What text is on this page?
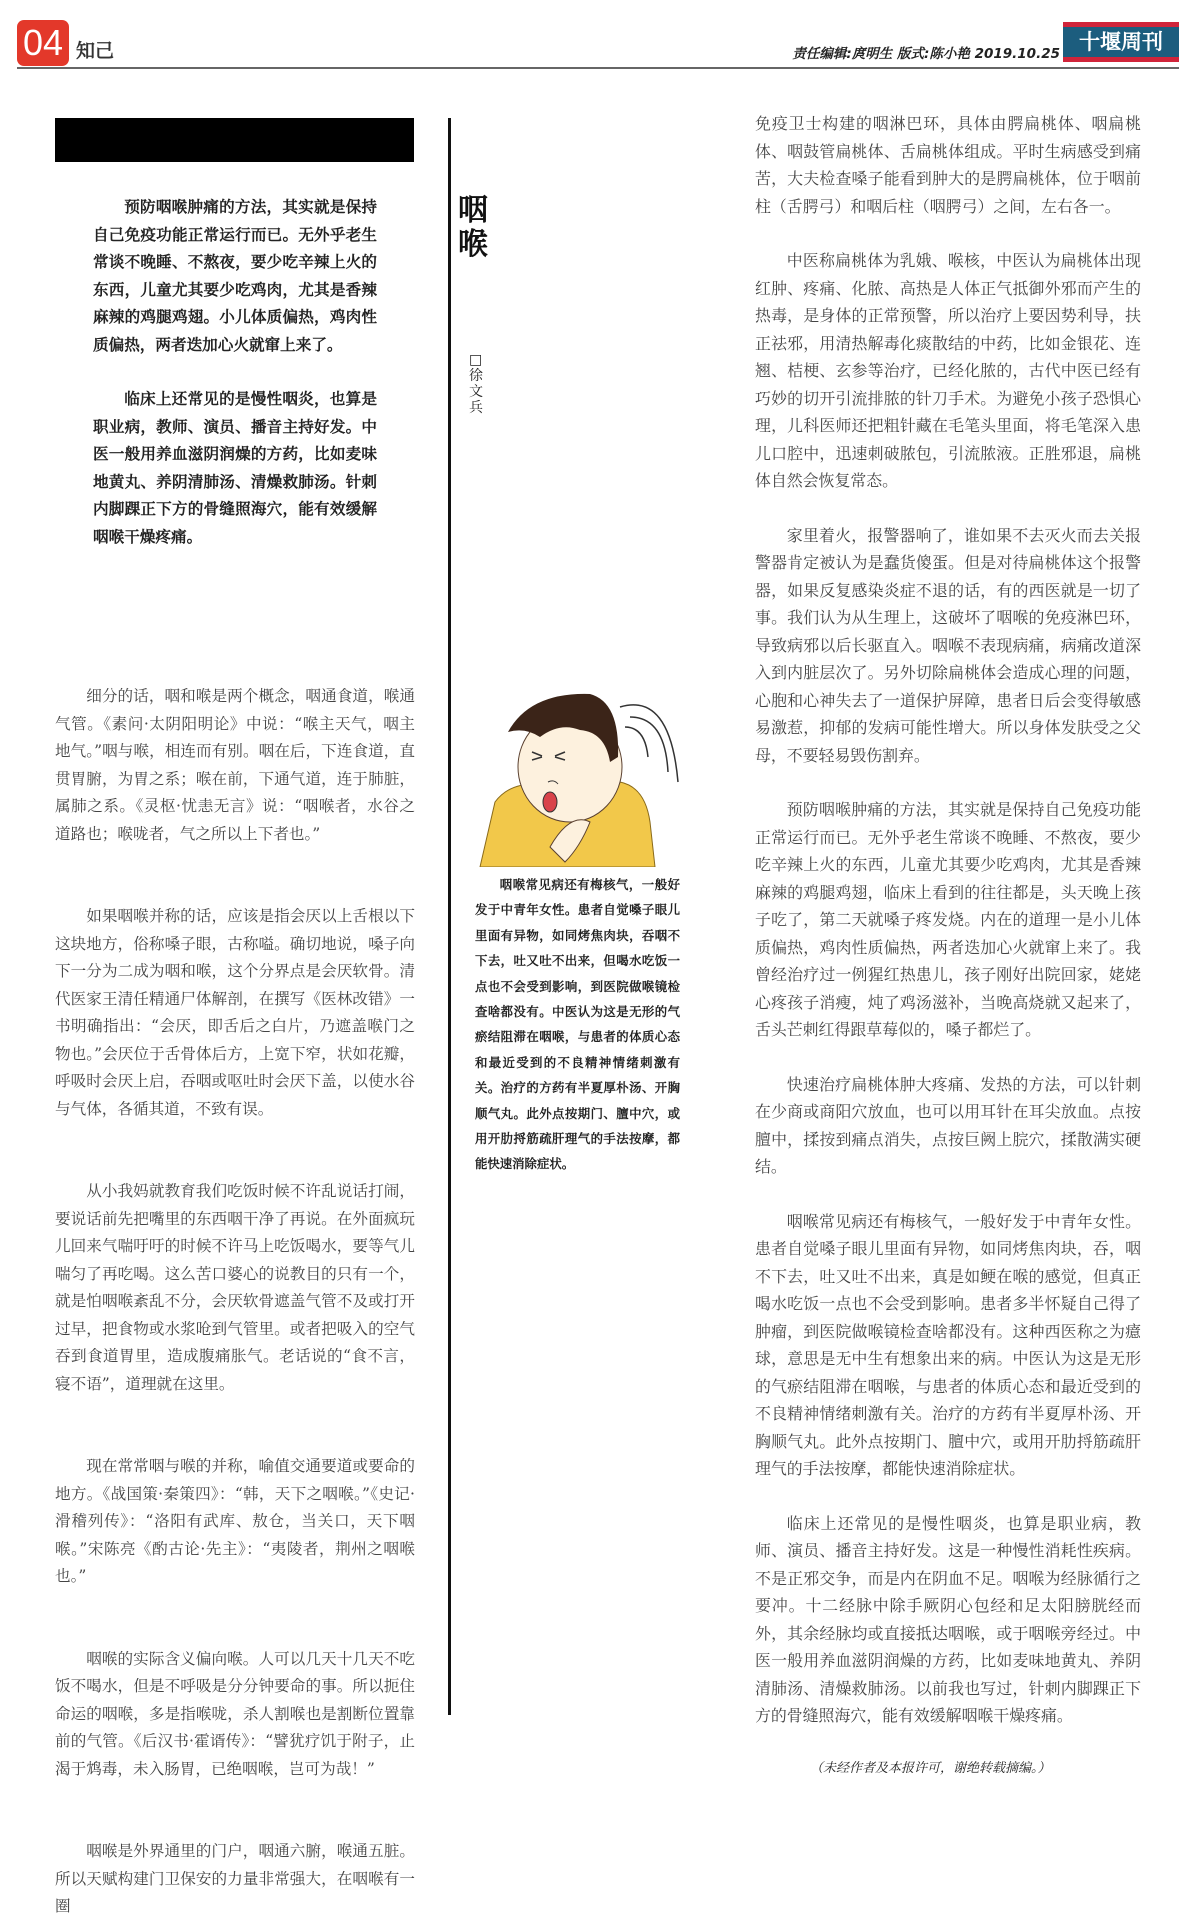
04 知己	责任编辑:庹明生 版式:陈小艳 2019.10.25 十堰周刊

预防咽喉肿痛的方法，其实就是保持自己免疫功能正常运行而已。无外乎老生常谈不晚睡、不熬夜，要少吃辛辣上火的东西，儿童尤其要少吃鸡肉，尤其是香辣麻辣的鸡腿鸡翅。小儿体质偏热，鸡肉性质偏热，两者迭加心火就窜上来了。

临床上还常见的是慢性咽炎，也算是职业病，教师、演员、播音主持好发。中医一般用养血滋阴润燥的方药，比如麦味地黄丸、养阴清肺汤、清燥救肺汤。针刺内脚踝正下方的骨缝照海穴，能有效缓解咽喉干燥疼痛。

细分的话，咽和喉是两个概念，咽通食道，喉通气管。《素问·太阴阳明论》中说：“喉主天气，咽主地气。”咽与喉，相连而有别。咽在后，下连食道，直贯胃腑，为胃之系；喉在前，下通气道，连于肺脏，属肺之系。《灵枢·忧恚无言》说：“咽喉者，水谷之道路也；喉咙者，气之所以上下者也。”

如果咽喉并称的话，应该是指会厌以上舌根以下这块地方，俗称嗓子眼，古称嗌。确切地说，嗓子向下一分为二成为咽和喉，这个分界点是会厌软骨。清代医家王清任精通尸体解剖，在撰写《医林改错》一书明确指出：“会厌，即舌后之白片，乃遮盖喉门之物也。”会厌位于舌骨体后方，上宽下窄，状如花瓣，呼吸时会厌上启，吞咽或呕吐时会厌下盖，以使水谷与气体，各循其道，不致有误。

从小我妈就教育我们吃饭时候不许乱说话打闹，要说话前先把嘴里的东西咽干净了再说。在外面疯玩儿回来气喘吁吁的时候不许马上吃饭喝水，要等气儿喘匀了再吃喝。这么苦口婆心的说教目的只有一个，就是怕咽喉紊乱不分，会厌软骨遮盖气管不及或打开过早，把食物或水浆呛到气管里。或者把吸入的空气吞到食道胃里，造成腹痛胀气。老话说的“食不言，寝不语”，道理就在这里。

现在常常咽与喉的并称，喻值交通要道或要命的地方。《战国策·秦策四》：“韩，天下之咽喉。”《史记·滑稽列传》：“洛阳有武库、敖仓，当关口，天下咽喉。”宋陈亮《酌古论·先主》：“夷陵者，荆州之咽喉也。”

咽喉的实际含义偏向喉。人可以几天十几天不吃饭不喝水，但是不呼吸是分分钟要命的事。所以扼住命运的咽喉，多是指喉咙，杀人割喉也是割断位置靠前的气管。《后汉书·霍谞传》：“譬犹疗饥于附子，止渴于鸩毒，未入肠胃，已绝咽喉，岂可为哉！”

咽喉是外界通里的门户，咽通六腑，喉通五脏。所以天赋构建门卫保安的力量非常强大，在咽喉有一圈

咽喉
□徐文兵

咽喉常见病还有梅核气，一般好发于中青年女性。患者自觉嗓子眼儿里面有异物，如同烤焦肉块，吞咽不下去，吐又吐不出来，但喝水吃饭一点也不会受到影响，到医院做喉镜检查啥都没有。中医认为这是无形的气瘀结阻滞在咽喉，与患者的体质心态和最近受到的不良精神情绪刺激有关。治疗的方药有半夏厚朴汤、开胸顺气丸。此外点按期门、膻中穴，或用开肋捋筋疏肝理气的手法按摩，都能快速消除症状。

免疫卫士构建的咽淋巴环，具体由腭扁桃体、咽扁桃体、咽鼓管扁桃体、舌扁桃体组成。平时生病感受到痛苦，大夫检查嗓子能看到肿大的是腭扁桃体，位于咽前柱（舌腭弓）和咽后柱（咽腭弓）之间，左右各一。

中医称扁桃体为乳娥、喉核，中医认为扁桃体出现红肿、疼痛、化脓、高热是人体正气抵御外邪而产生的热毒，是身体的正常预警，所以治疗上要因势利导，扶正祛邪，用清热解毒化痰散结的中药，比如金银花、连翘、桔梗、玄参等治疗，已经化脓的，古代中医已经有巧妙的切开引流排脓的针刀手术。为避免小孩子恐惧心理，儿科医师还把粗针藏在毛笔头里面，将毛笔深入患儿口腔中，迅速刺破脓包，引流脓液。正胜邪退，扁桃体自然会恢复常态。

家里着火，报警器响了，谁如果不去灭火而去关报警器肯定被认为是蠢货傻蛋。但是对待扁桃体这个报警器，如果反复感染炎症不退的话，有的西医就是一切了事。我们认为从生理上，这破坏了咽喉的免疫淋巴环，导致病邪以后长驱直入。咽喉不表现病痛，病痛改道深入到内脏层次了。另外切除扁桃体会造成心理的问题，心胞和心神失去了一道保护屏障，患者日后会变得敏感易激惹，抑郁的发病可能性增大。所以身体发肤受之父母，不要轻易毁伤割弃。

预防咽喉肿痛的方法，其实就是保持自己免疫功能正常运行而已。无外乎老生常谈不晚睡、不熬夜，要少吃辛辣上火的东西，儿童尤其要少吃鸡肉，尤其是香辣麻辣的鸡腿鸡翅，临床上看到的往往都是，头天晚上孩子吃了，第二天就嗓子疼发烧。内在的道理一是小儿体质偏热，鸡肉性质偏热，两者迭加心火就窜上来了。我曾经治疗过一例猩红热患儿，孩子刚好出院回家，姥姥心疼孩子消瘦，炖了鸡汤滋补，当晚高烧就又起来了，舌头芒刺红得跟草莓似的，嗓子都烂了。

快速治疗扁桃体肿大疼痛、发热的方法，可以针刺在少商或商阳穴放血，也可以用耳针在耳尖放血。点按膻中，揉按到痛点消失，点按巨阙上脘穴，揉散满实硬结。

咽喉常见病还有梅核气，一般好发于中青年女性。患者自觉嗓子眼儿里面有异物，如同烤焦肉块，吞，咽不下去，吐又吐不出来，真是如鲠在喉的感觉，但真正喝水吃饭一点也不会受到影响。患者多半怀疑自己得了肿瘤，到医院做喉镜检查啥都没有。这种西医称之为癔球，意思是无中生有想象出来的病。中医认为这是无形的气瘀结阻滞在咽喉，与患者的体质心态和最近受到的不良精神情绪刺激有关。治疗的方药有半夏厚朴汤、开胸顺气丸。此外点按期门、膻中穴，或用开肋捋筋疏肝理气的手法按摩，都能快速消除症状。

临床上还常见的是慢性咽炎，也算是职业病，教师、演员、播音主持好发。这是一种慢性消耗性疾病。不是正邪交争，而是内在阴血不足。咽喉为经脉循行之要冲。十二经脉中除手厥阴心包经和足太阳膀胱经而外，其余经脉均或直接抵达咽喉，或于咽喉旁经过。中医一般用养血滋阴润燥的方药，比如麦味地黄丸、养阴清肺汤、清燥救肺汤。以前我也写过，针刺内脚踝正下方的骨缝照海穴，能有效缓解咽喉干燥疼痛。

（未经作者及本报许可，谢绝转载摘编。）
